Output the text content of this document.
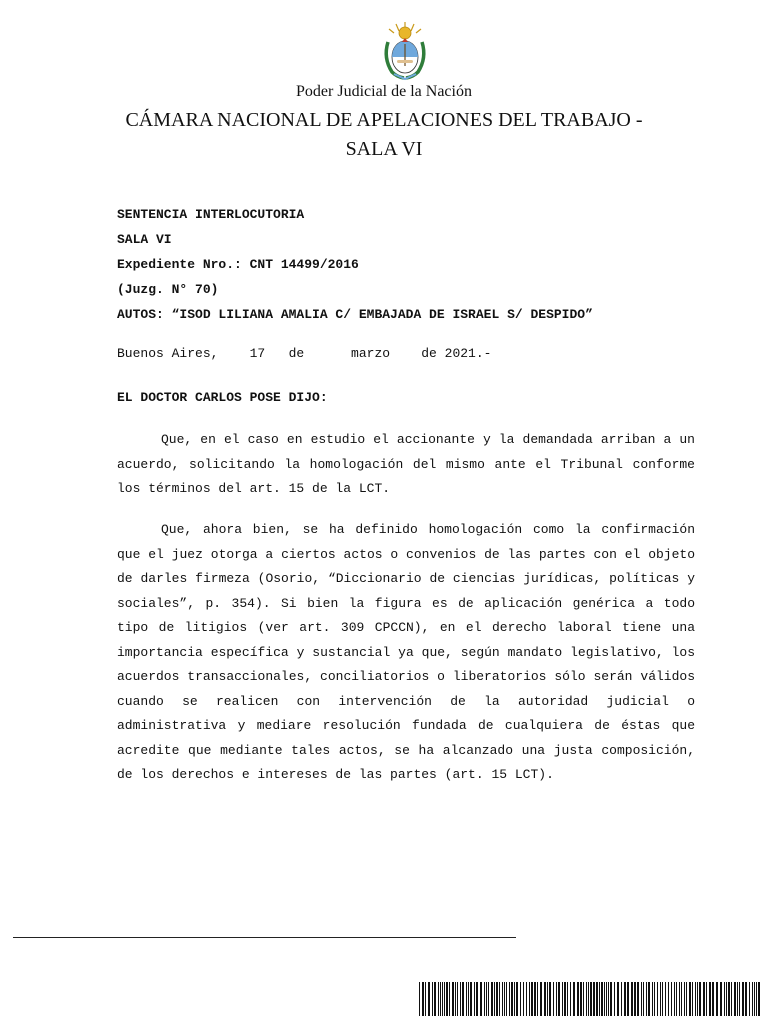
Poder Judicial de la Nación
CÁMARA NACIONAL DE APELACIONES DEL TRABAJO -
SALA VI
SENTENCIA INTERLOCUTORIA
SALA VI
Expediente Nro.: CNT 14499/2016
(Juzg. N° 70)
AUTOS: “ISOD LILIANA AMALIA C/ EMBAJADA DE ISRAEL S/ DESPIDO”
Buenos Aires,    17   de      marzo    de 2021.-
EL DOCTOR CARLOS POSE DIJO:

Que, en el caso en estudio el accionante y la demandada arriban a un acuerdo, solicitando la homologación del mismo ante el Tribunal conforme los términos del art. 15 de la LCT.

Que, ahora bien, se ha definido homologación como la confirmación que el juez otorga a ciertos actos o convenios de las partes con el objeto de darles firmeza (Osorio, “Diccionario de ciencias jurídicas, políticas y sociales”, p. 354). Si bien la figura es de aplicación genérica a todo tipo de litigios (ver art. 309 CPCCN), en el derecho laboral tiene una importancia específica y sustancial ya que, según mandato legislativo, los acuerdos transaccionales, conciliatorios o liberatorios sólo serán válidos cuando se realicen con intervención de la autoridad judicial o administrativa y mediare resolución fundada de cualquiera de éstas que acredite que mediante tales actos, se ha alcanzado una justa composición, de los derechos e intereses de las partes (art. 15 LCT).
